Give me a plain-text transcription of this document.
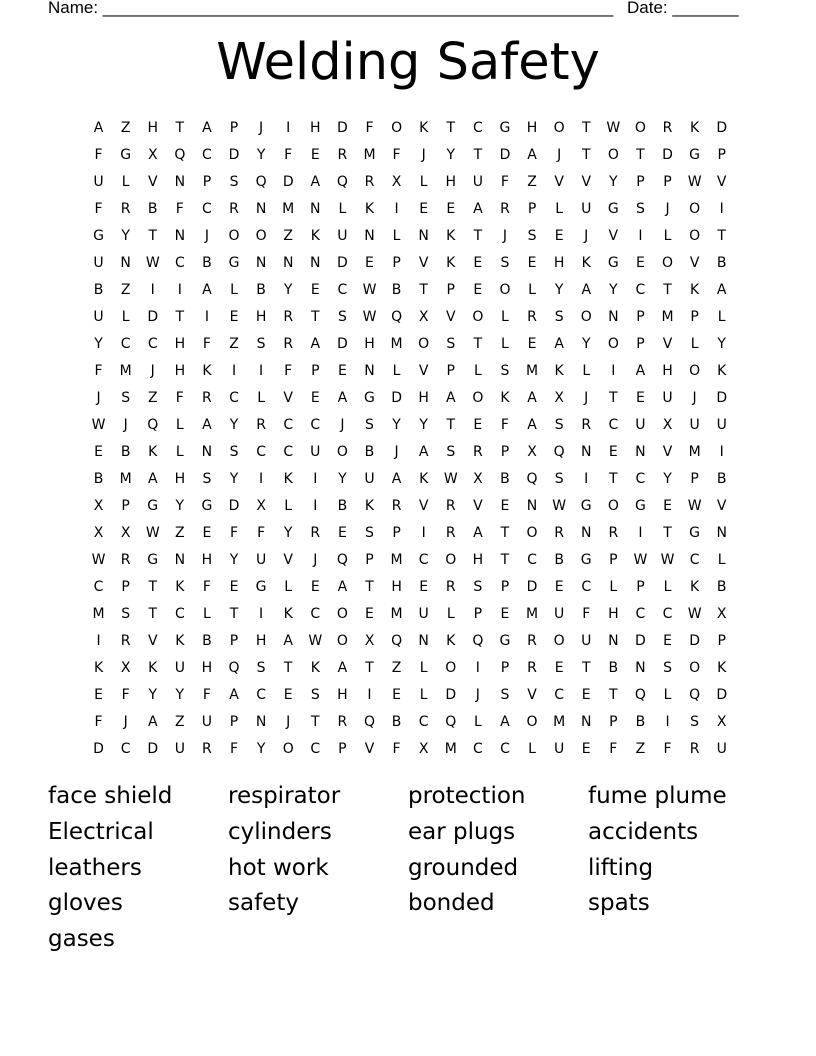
Name: ______________________________________________________ Date: _______
Welding Safety
A	Z	H	T	A	P	J	I	H	D	F	O	K	T	C	G	H	O	T	W	O	R	K	D
F	G	X	Q	C	D	Y	F	E	R	M	F	J	Y	T	D	A	J	T	O	T	D	G	P
U	L	V	N	P	S	Q	D	A	Q	R	X	L	H	U	F	Z	V	V	Y	P	P	W	V
F	R	B	F	C	R	N	M	N	L	K	I	E	E	A	R	P	L	U	G	S	J	O	I
G	Y	T	N	J	O	O	Z	K	U	N	L	N	K	T	J	S	E	J	V	I	L	O	T
U	N	W	C	B	G	N	N	N	D	E	P	V	K	E	S	E	H	K	G	E	O	V	B
B	Z	I	I	A	L	B	Y	E	C	W	B	T	P	E	O	L	Y	A	Y	C	T	K	A
U	L	D	T	I	E	H	R	T	S	W	Q	X	V	O	L	R	S	O	N	P	M	P	L
Y	C	C	H	F	Z	S	R	A	D	H	M	O	S	T	L	E	A	Y	O	P	V	L	Y
F	M	J	H	K	I	I	F	P	E	N	L	V	P	L	S	M	K	L	I	A	H	O	K
J	S	Z	F	R	C	L	V	E	A	G	D	H	A	O	K	A	X	J	T	E	U	J	D
W	J	Q	L	A	Y	R	C	C	J	S	Y	Y	T	E	F	A	S	R	C	U	X	U	U
E	B	K	L	N	S	C	C	U	O	B	J	A	S	R	P	X	Q	N	E	N	V	M	I
B	M	A	H	S	Y	I	K	I	Y	U	A	K	W	X	B	Q	S	I	T	C	Y	P	B
X	P	G	Y	G	D	X	L	I	B	K	R	V	R	V	E	N	W	G	O	G	E	W	V
X	X	W	Z	E	F	F	Y	R	E	S	P	I	R	A	T	O	R	N	R	I	T	G	N
W	R	G	N	H	Y	U	V	J	Q	P	M	C	O	H	T	C	B	G	P	W W	C	L
C	P	T	K	F	E	G	L	E	A	T	H	E	R	S	P	D	E	C	L	P	L	K	B
M	S	T	C	L	T	I	K	C	O	E	M	U	L	P	E	M	U	F	H	C	C	W	X
I	R	V	K	B	P	H	A	W	O	X	Q	N	K	Q	G	R	O	U	N	D	E	D	P
K	X	K	U	H	Q	S	T	K	A	T	Z	L	O	I	P	R	E	T	B	N	S	O	K
E	F	Y	Y	F	A	C	E	S	H	I	E	L	D	J	S	V	C	E	T	Q	L	Q	D
F	J	A	Z	U	P	N	J	T	R	Q	B	C	Q	L	A	O	M	N	P	B	I	S	X
D	C	D	U	R	F	Y	O	C	P	V	F	X	M	C	C	L	U	E	F	Z	F	R	U
face shield	respirator	protection	fume plume
Electrical	cylinders	ear plugs	accidents
leathers	hot work	grounded	lifting
gloves	safety	bonded	spats
gases
